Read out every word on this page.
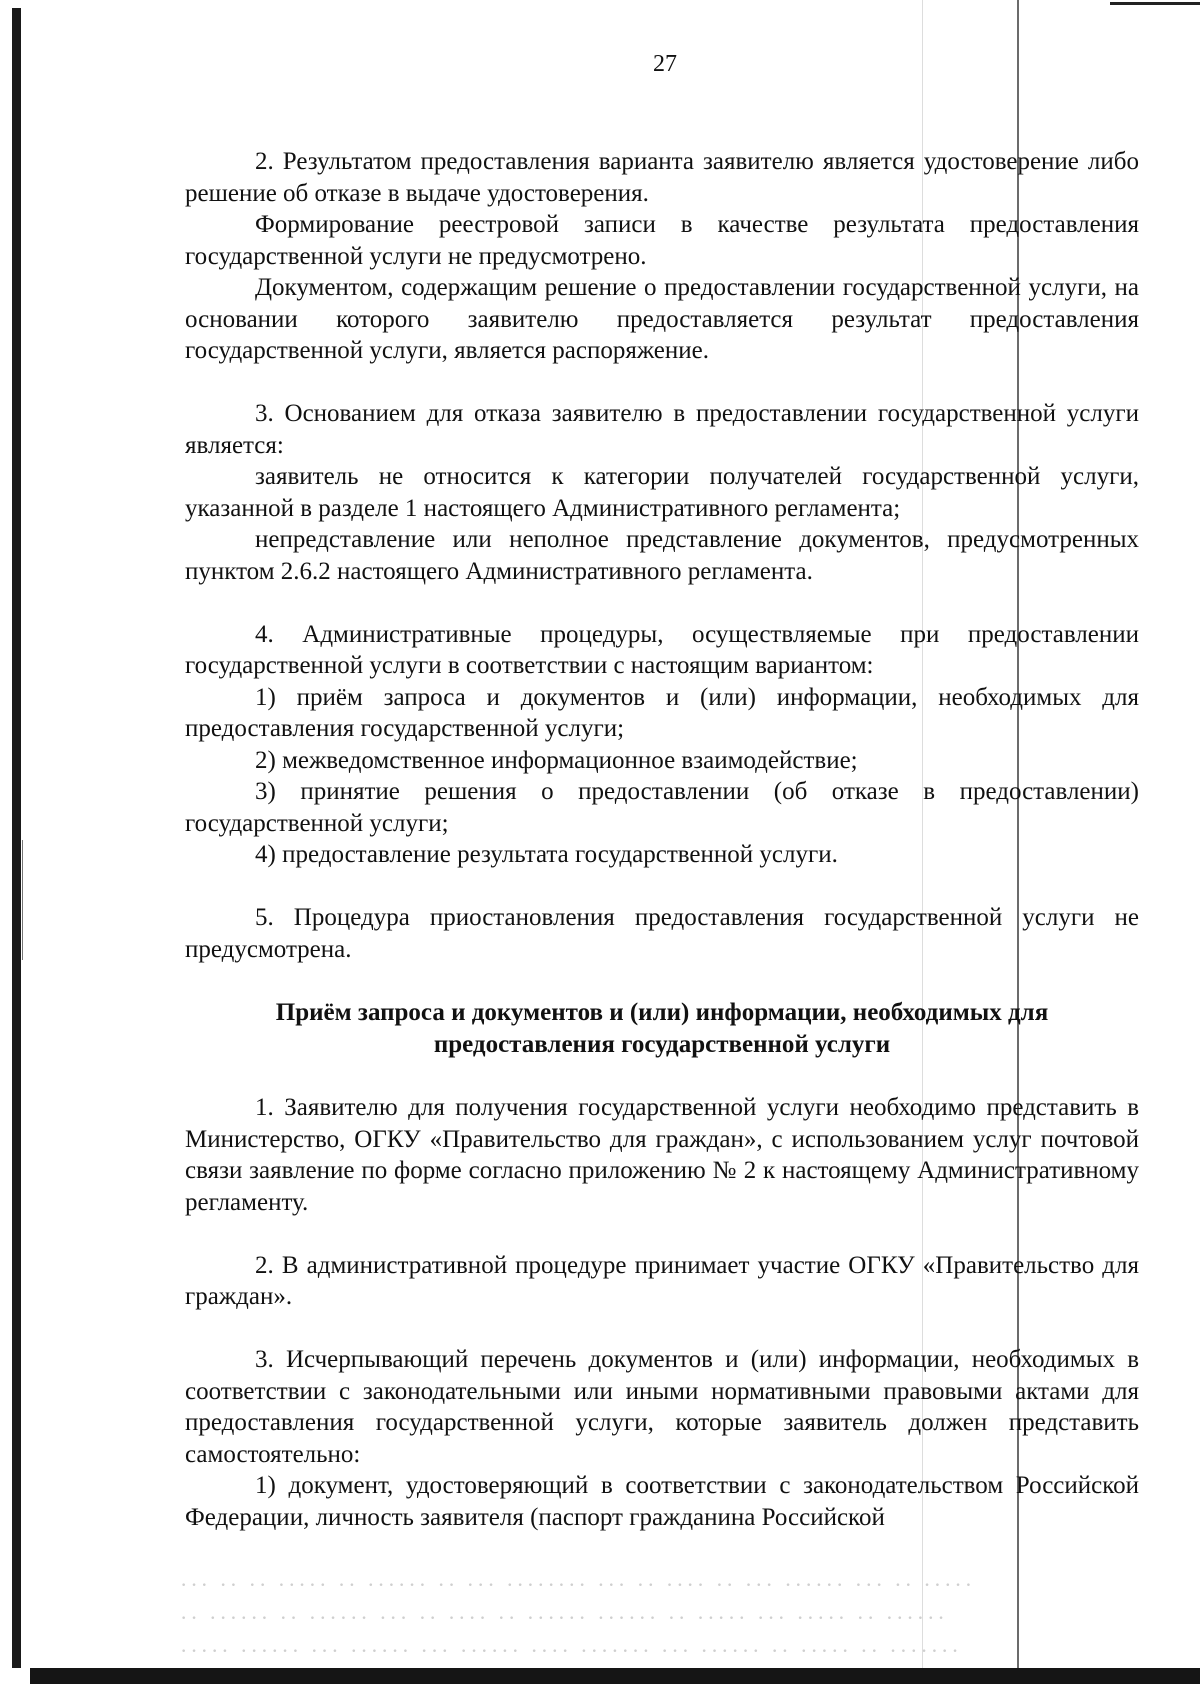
27

2. Результатом предоставления варианта заявителю является удостоверение либо решение об отказе в выдаче удостоверения.

Формирование реестровой записи в качестве результата предоставления государственной услуги не предусмотрено.

Документом, содержащим решение о предоставлении государственной услуги, на основании которого заявителю предоставляется результат предоставления государственной услуги, является распоряжение.

3. Основанием для отказа заявителю в предоставлении государственной услуги является:

заявитель не относится к категории получателей государственной услуги, указанной в разделе 1 настоящего Административного регламента;

непредставление или неполное представление документов, предусмотренных пунктом 2.6.2 настоящего Административного регламента.

4. Административные процедуры, осуществляемые при предоставлении государственной услуги в соответствии с настоящим вариантом:

1) приём запроса и документов и (или) информации, необходимых для предоставления государственной услуги;

2) межведомственное информационное взаимодействие;

3) принятие решения о предоставлении (об отказе в предоставлении) государственной услуги;

4) предоставление результата государственной услуги.

5. Процедура приостановления предоставления государственной услуги не предусмотрена.

Приём запроса и документов и (или) информации, необходимых для предоставления государственной услуги

1. Заявителю для получения государственной услуги необходимо представить в Министерство, ОГКУ «Правительство для граждан», с использованием услуг почтовой связи заявление по форме согласно приложению № 2 к настоящему Административному регламенту.

2. В административной процедуре принимает участие ОГКУ «Правительство для граждан».

3. Исчерпывающий перечень документов и (или) информации, необходимых в соответствии с законодательными или иными нормативными правовыми актами для предоставления государственной услуги, которые заявитель должен представить самостоятельно:

1) документ, удостоверяющий в соответствии с законодательством Российской Федерации, личность заявителя (паспорт гражданина Российской

··· ·· ·· ····· ·· ······ ·· ··· ········ ··· ·· ···· ·· ··· ······ ··· ·· ·····
·· ······ ·· ······ ··· ·· ···· ·· ······ ······ ·· ····· ··· ····· ·· ······
····· ······ ··· ······ ··· ······ ···· ······· ··· ······ ·· ····· ·· ·······
